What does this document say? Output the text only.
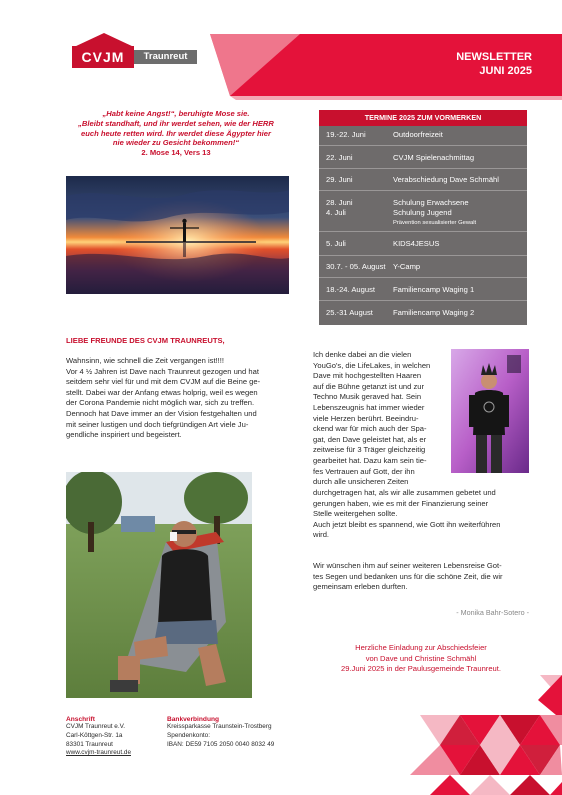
CVJM	Traunreut	NEWSLETTER
JUNI 2025
„Habt keine Angst!“, beruhigte Mose sie.
„Bleibt standhaft, und ihr werdet sehen, wie der HERR
euch heute retten wird. Ihr werdet diese Ägypter hier
nie wieder zu Gesicht bekommen!“
2. Mose 14, Vers 13
TERMINE 2025 ZUM VORMERKEN
19.-22. Juni	Outdoorfreizeit
22. Juni	CVJM Spielenachmittag
29. Juni	Verabschiedung Dave Schmähl
28. Juni	Schulung Erwachsene
4. Juli	Schulung Jugend
Prävention sexualisierter Gewalt
5. Juli	KIDS4JESUS
30.7. - 05. August Y-Camp
18.-24. August Familiencamp Waging 1
25.-31 August	Familiencamp Waging 2
LIEBE FREUNDE DES CVJM TRAUNREUTS,
Wahnsinn, wie schnell die Zeit vergangen ist!!!!
Vor 4 ½ Jahren ist Dave nach Traunreut gezogen und hat
seitdem sehr viel für und mit dem CVJM auf die Beine ge-
stellt. Dabei war der Anfang etwas holprig, weil es wegen
der Corona Pandemie nicht möglich war, sich zu treffen.
Dennoch hat Dave immer an der Vision festgehalten und
mit seiner lustigen und doch tiefgründigen Art viele Ju-
gendliche inspiriert und begeistert.
Ich denke dabei an die vielen
YouGo's, die LifeLakes, in welchen
Dave mit hochgestellten Haaren
auf die Bühne getanzt ist und zur
Techno Musik geraved hat. Sein
Lebenszeugnis hat immer wieder
viele Herzen berührt. Beeindru-
ckend war für mich auch der Spa-
gat, den Dave geleistet hat, als er
zeitweise für 3 Träger gleichzeitig
gearbeitet hat. Dazu kam sein tie-
fes Vertrauen auf Gott, der ihn
durch alle unsicheren Zeiten
durchgetragen hat, als wir alle zusammen gebetet und
gerungen haben, wie es mit der Finanzierung seiner
Stelle weitergehen sollte.
Auch jetzt bleibt es spannend, wie Gott ihn weiterführen
wird.
Wir wünschen ihm auf seiner weiteren Lebensreise Got-
tes Segen und bedanken uns für die schöne Zeit, die wir
gemeinsam erleben durften.
- Monika Bahr-Sotero -
Herzliche Einladung zur Abschiedsfeier
von Dave und Christine Schmähl
29.Juni 2025 in der Paulusgemeinde Traunreut.
Anschrift
CVJM Traunreut e.V.
Carl-Köttgen-Str. 1a
83301 Traunreut
www.cvjm-traunreut.de
Bankverbindung
Kreissparkasse Traunstein-Trostberg
Spendenkonto:
IBAN: DE59 7105 2050 0040 8032 49
